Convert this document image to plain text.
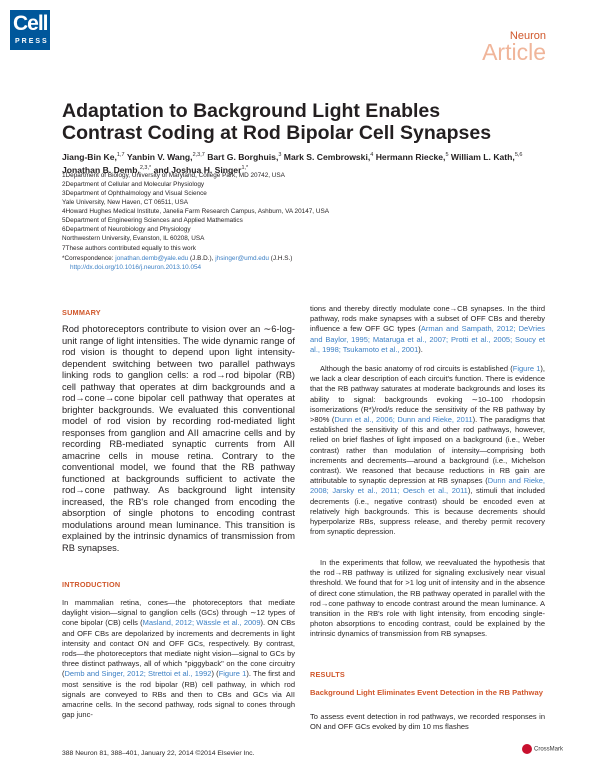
Cell
PRESS	Neuron
Article
Adaptation to Background Light Enables
Contrast Coding at Rod Bipolar Cell Synapses
Jiang-Bin Ke,$^{1,7}$ Yanbin V. Wang,$^{2,3,7}$ Bart G. Borghuis,$^3$ Mark S. Cembrowski,$^4$ Hermann Riecke,$^5$ William L. Kath,$^{5,6}$
Jonathan B. Demb,$^{2,3,*}$ and Joshua H. Singer$^{1,*}$
1Department of Biology, University of Maryland, College Park, MD 20742, USA
2Department of Cellular and Molecular Physiology
3Department of Ophthalmology and Visual Science
Yale University, New Haven, CT 06511, USA
4Howard Hughes Medical Institute, Janelia Farm Research Campus, Ashburn, VA 20147, USA
5Department of Engineering Sciences and Applied Mathematics
6Department of Neurobiology and Physiology
Northwestern University, Evanston, IL 60208, USA
7These authors contributed equally to this work
*Correspondence: jonathan.demb@yale.edu (J.B.D.), jhsinger@umd.edu (J.H.S.)
http://dx.doi.org/10.1016/j.neuron.2013.10.054
SUMMARY
Rod photoreceptors contribute to vision over an ∼6-log-unit range of light intensities. The wide dynamic range of rod vision is thought to depend upon light intensity-dependent switching between two parallel pathways linking rods to ganglion cells: a rod→rod bipolar (RB) cell pathway that operates at dim backgrounds and a rod→cone→cone bipolar cell pathway that operates at brighter backgrounds. We evaluated this conventional model of rod vision by recording rod-mediated light responses from ganglion and AII amacrine cells and by recording RB-mediated synaptic currents from AII amacrine cells in mouse retina. Contrary to the conventional model, we found that the RB pathway functioned at backgrounds sufficient to activate the rod→cone pathway. As background light intensity increased, the RB's role changed from encoding the absorption of single photons to encoding contrast modulations around mean luminance. This transition is explained by the intrinsic dynamics of transmission from RB synapses.
INTRODUCTION
In mammalian retina, cones—the photoreceptors that mediate daylight vision—signal to ganglion cells (GCs) through ∼12 types of cone bipolar (CB) cells (Masland, 2012; Wässle et al., 2009). ON CBs and OFF CBs are depolarized by increments and decrements in light intensity and contact ON and OFF GCs, respectively. By contrast, rods—the photoreceptors that mediate night vision—signal to GCs by three distinct pathways, all of which "piggyback" on the cone circuitry (Demb and Singer, 2012; Strettoi et al., 1992) (Figure 1). The first and most sensitive is the rod bipolar (RB) cell pathway, in which rod signals are conveyed to RBs and then to CBs and GCs via AII amacrine cells. In the second pathway, rods signal to cones through gap junc-
tions and thereby directly modulate cone→CB synapses. In the third pathway, rods make synapses with a subset of OFF CBs and thereby influence a few OFF GC types (Arman and Sampath, 2012; DeVries and Baylor, 1995; Mataruga et al., 2007; Protti et al., 2005; Soucy et al., 1998; Tsukamoto et al., 2001).
Although the basic anatomy of rod circuits is established (Figure 1), we lack a clear description of each circuit's function. There is evidence that the RB pathway saturates at moderate backgrounds and loses its ability to signal: backgrounds evoking ∼10–100 rhodopsin isomerizations (R*)/rod/s reduce the sensitivity of the RB pathway by >80% (Dunn et al., 2006; Dunn and Rieke, 2011). The paradigms that established the sensitivity of this and other rod pathways, however, relied on brief flashes of light imposed on a background (i.e., Weber contrast) rather than modulation of intensity—comprising both increments and decrements—around a background (i.e., Michelson contrast). We reasoned that because reductions in RB gain are attributable to synaptic depression at RB synapses (Dunn and Rieke, 2008; Jarsky et al., 2011; Oesch et al., 2011), stimuli that included decrements (i.e., negative contrast) should be encoded even at relatively high backgrounds. This is because decrements should hyperpolarize RBs, suppress release, and thereby permit recovery from synaptic depression.
In the experiments that follow, we reevaluated the hypothesis that the rod→RB pathway is utilized for signaling exclusively near visual threshold. We found that for >1 log unit of intensity and in the absence of direct cone stimulation, the RB pathway operated in parallel with the rod→cone pathway to encode contrast around the mean luminance. A transition in the RB's role with light intensity, from encoding single-photon absorptions to encoding contrast, could be explained by the intrinsic dynamics of transmission from RB synapses.
RESULTS
Background Light Eliminates Event Detection in the RB Pathway
To assess event detection in rod pathways, we recorded responses in ON and OFF GCs evoked by dim 10 ms flashes
388 Neuron 81, 388–401, January 22, 2014 ©2014 Elsevier Inc.
CrossMark
